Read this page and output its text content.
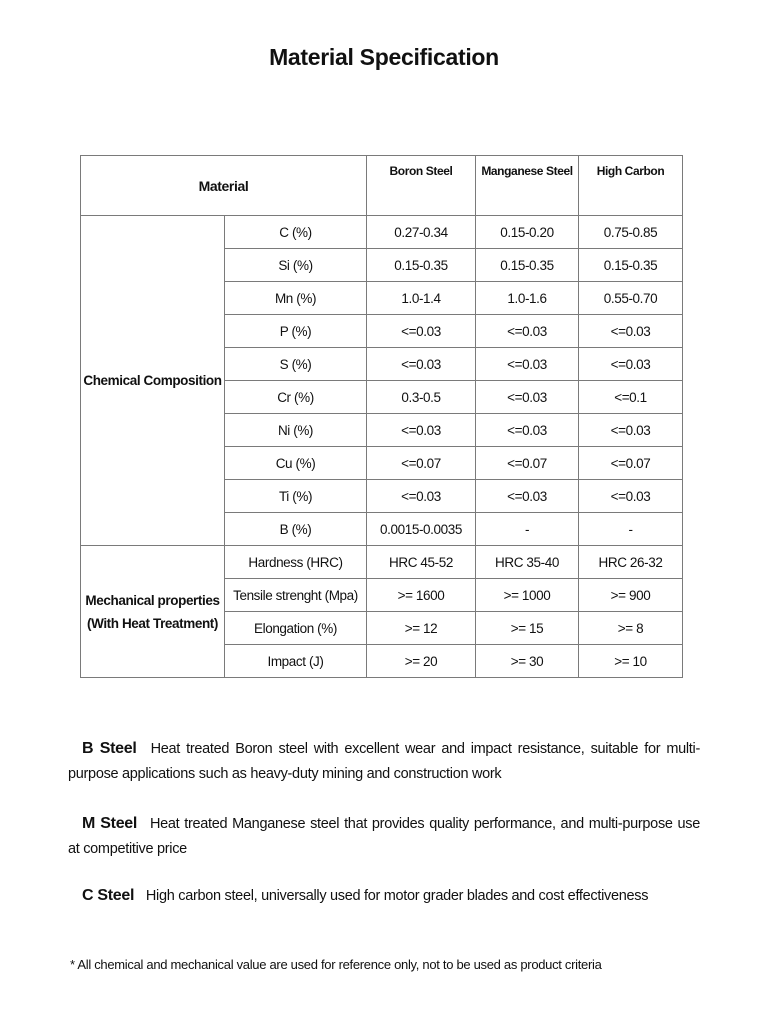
Material Specification
Material		Boron Steel	Manganese Steel	High Carbon
Chemical Composition	C (%)	0.27-0.34	0.15-0.20	0.75-0.85
	Si (%)	0.15-0.35	0.15-0.35	0.15-0.35
	Mn (%)	1.0-1.4	1.0-1.6	0.55-0.70
	P (%)	<=0.03	<=0.03	<=0.03
	S (%)	<=0.03	<=0.03	<=0.03
	Cr (%)	0.3-0.5	<=0.03	<=0.1
	Ni (%)	<=0.03	<=0.03	<=0.03
	Cu (%)	<=0.07	<=0.07	<=0.07
	Ti (%)	<=0.03	<=0.03	<=0.03
	B (%)	0.0015-0.0035	-	-

Mechanical properties
(With Heat Treatment)	Hardness (HRC)	HRC 45-52	HRC 35-40	HRC 26-32
	Tensile strenght (Mpa)	>= 1600	>= 1000	>= 900
	Elongation (%)	>= 12	>= 15	>= 8
	Impact (J)	>= 20	>= 30	>= 10
B Steel Heat treated Boron steel with excellent wear and impact resistance, suitable for multi-purpose applications such as heavy-duty mining and construction work
M Steel Heat treated Manganese steel that provides quality performance, and multi-purpose use at competitive price
C Steel High carbon steel, universally used for motor grader blades and cost effectiveness
* All chemical and mechanical value are used for reference only, not to be used as product criteria
